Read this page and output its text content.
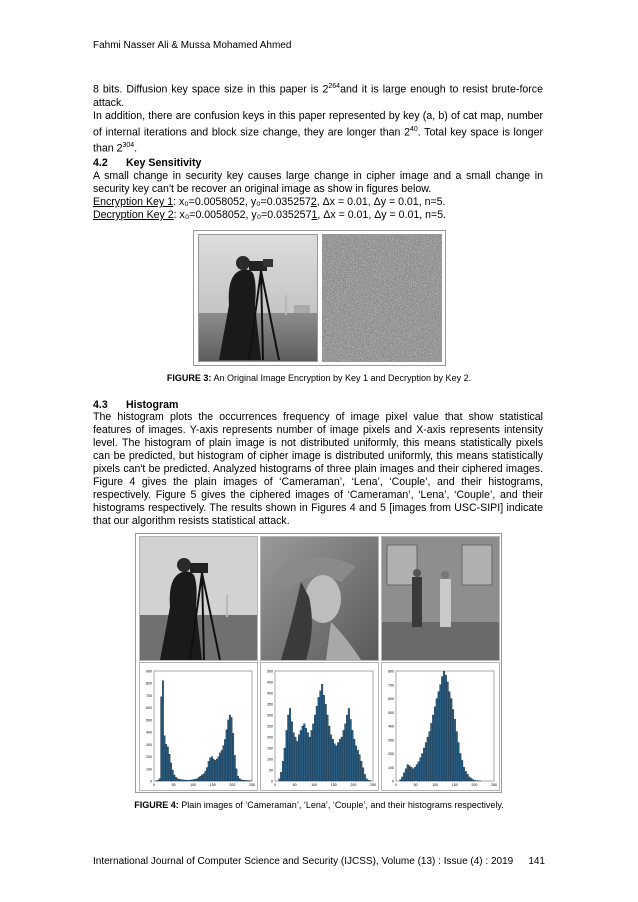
Fahmi Nasser Ali & Mussa Mohamed Ahmed
8 bits. Diffusion key space size in this paper is $2^{264}and$ it is large enough to resist brute-force attack.
In addition, there are confusion keys in this paper represented by key (a, b) of cat map, number of internal iterations and block size change, they are longer than $2^{40}$. Total key space is longer than $2^{304}$.
4.2 Key Sensitivity
A small change in security key causes large change in cipher image and a small change in security key can't be recover an original image as show in figures below.
Encryption Key 1: x₀=0.0058052, y₀=0.0352572, Δx = 0.01, Δy = 0.01, n=5.
Decryption Key 2: x₀=0.0058052, y₀=0.0352571, Δx = 0.01, Δy = 0.01, n=5.
FIGURE 3: An Original Image Encryption by Key 1 and Decryption by Key 2.
4.3 Histogram
The histogram plots the occurrences frequency of image pixel value that show statistical features of images. Y-axis represents number of image pixels and X-axis represents intensity level. The histogram of plain image is not distributed uniformly, this means statistically pixels can be predicted, but histogram of cipher image is distributed uniformly, this means statistically pixels can't be predicted. Analyzed histograms of three plain images and their ciphered images. Figure 4 gives the plain images of ‘Cameraman’, ‘Lena’, ‘Couple’, and their histograms, respectively. Figure 5 gives the ciphered images of ‘Cameraman’, ‘Lena’, ‘Couple’, and their histograms respectively. The results shown in Figures 4 and 5 [images from USC-SIPI] indicate that our algorithm resists statistical attack.
900
800
700
600
500
400
300
200
100
0
0	50	100	150	200	250
500
450
400
350
300
250
200
150
100
50
0
0	50	100	150	200	250
800
700
600
500
400
300
200
100
0
0	50	100	150	200	250
FIGURE 4: Plain images of ‘Cameraman’, ‘Lena’, ‘Couple’, and their histograms respectively.
International Journal of Computer Science and Security (IJCSS), Volume (13) : Issue (4) : 2019 141
